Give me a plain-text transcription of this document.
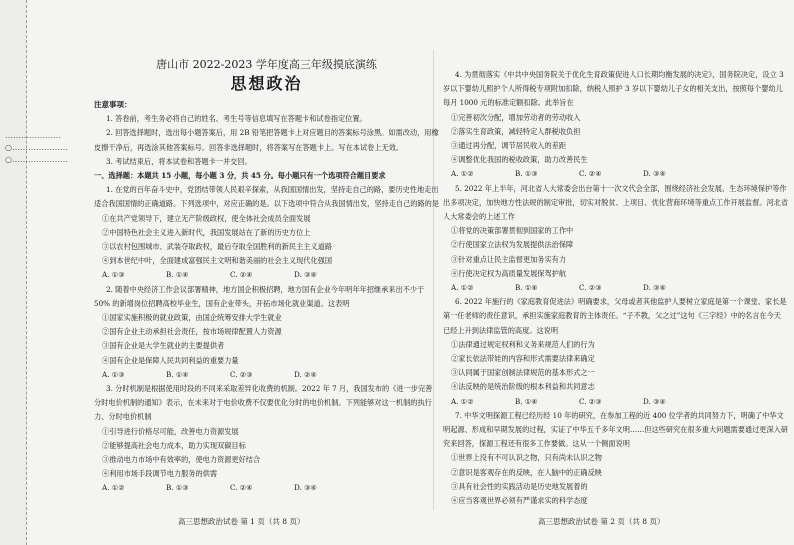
…………………○…………………○…………………
唐山市 2022-2023 学年度高三年级摸底演练
思想政治
注意事项：

1. 答卷前，考生务必将自己的姓名、考生号等信息填写在答题卡和试卷指定位置。

2. 回答选择题时，选出每小题答案后，用 2B 铅笔把答题卡上对应题目的答案标号涂黑。如需改动，用橡皮擦干净后，再选涂其他答案标号。回答非选择题时，将答案写在答题卡上。写在本试卷上无效。

3. 考试结束后，将本试卷和答题卡一并交回。

一、选择题：本题共 15 小题，每小题 3 分，共 45 分。每小题只有一个选项符合题目要求

1. 在党的百年奋斗史中，党团结带领人民艰辛探索，从我国国情出发，坚持走自己的路，要历史性地走出适合我国国情的正确道路。下列选项中，对应正确的是。以下选项中符合从我国情出发，坚持走自己的路的是

①在共产党领导下，建立无产阶级政权，使全体社会成员全面发展
②中国特色社会主义进入新时代，我国发展站在了新的历史方位上
③以农村包围城市、武装夺取政权，最后夺取全国胜利的新民主主义道路
④到本世纪中叶，全面建成富强民主文明和谐美丽的社会主义现代化强国
A. ①③	B. ①④	C. ②④	D. ③④

2. 随着中央经济工作会议部署精神，地方国企积极招聘，地方国有企业今年明年年招继承来出不少于 50% 的新增岗位招聘高校毕业生，国有企业带头，开拓市场化就业渠道。这表明

①国家实施积极的就业政策，由国企统筹安排大学生就业
②国有企业主动承担社会责任，按市场规律配置人力资源
③国有企业是大学生就业的主要提供者
④国有企业是保障人民共同利益的重要力量
A. ①③	B. ①④	C. ②③	D. ②④

3. 分时机制是根据使用时段的不同来采取差异化收费的机制。2022 年 7 月，我国发布的《进一步完善分时电价机制的通知》表示，在未来对于电价收费不仅要优化分时的电价机制。下列能够对这一机制的执行力、分时电价机制

①引导进行价格尽可能，改善电力资源发展
②能够提高社会电力成本，助力实现双碳目标
③推动电力市场中有效率的，使电力资源更好结合
④利用市场手段调节电力服务的供需
A. ①②	B. ①③	C. ②④	D. ③④

4. 为贯彻落实《中共中央国务院关于优化生育政策促进人口长期均衡发展的决定》，国务院决定，设立 3 岁以下婴幼儿照护个人所得税专项附加扣除，纳税人照护 3 岁以下婴幼儿子女的相关支出，按照每个婴幼儿每月 1000 元的标准定额扣除。此举旨在

①完善初次分配，增加劳动者的劳动收入
②落实生育政策，减轻特定人群税收负担
③通过再分配，调节居民收入的差距
④调整优化我国的税收政策，助力改善民生
A. ①②	B. ①③	C. ②④	D. ③④

5. 2022 年上半年，河北省人大常委会出台第十一次文代会全部，围绕经济社会发展、生态环境保护等作出多项决定，加快地方性法规的制定审批，切实对脱贫、上项目、优化营商环境等重点工作开展监督。河北省人大常委会的上述工作

①将党的决策部署贯彻到国家的工作中
②行使国家立法权为发展提供法治保障
③针对重点让民主监督更加务实有力
④行使决定权为高质量发展保驾护航
A. ①②	B. ①④	C. ②③	D. ③④

6. 2022 年施行的《家庭教育促进法》明确要求，父母或者其他监护人要树立家庭是第一个课堂、家长是第一任老师的责任意识，承担实施家庭教育的主体责任。“子不教，父之过”这句《三字经》中的名言在今天已经上升到法律监管的高度。这说明

①法律通过规定权利和义务来规范人们的行为
②家长依法带娃的内容和形式需要法律来确定
③认同属于国家创制法律规范的基本形式之一
④法反映的是统治阶级的根本利益和共同意志
A. ①②	B. ①④	C. ②③	D. ③④

7. 中华文明探源工程已经历经 10 年的研究，在参加工程的近 400 位学者的共同努力下，明确了中华文明起源、形成和早期发展的过程，实证了中华五千多年文明……但这些研究在很多重大问题需要通过更深入研究来回答，探源工程还有很多工作要做。这从一个侧面说明

①世界上没有不可认识之物，只有尚未认识之物
②意识是客观存在的反映，在人脑中的正确反映
③具有社会性的实践活动是历史地发展着的
④应当客观世界必须有严谨求实的科学态度
高三思想政治试卷 第 1 页（共 8 页）	高三思想政治试卷 第 2 页（共 8 页）
